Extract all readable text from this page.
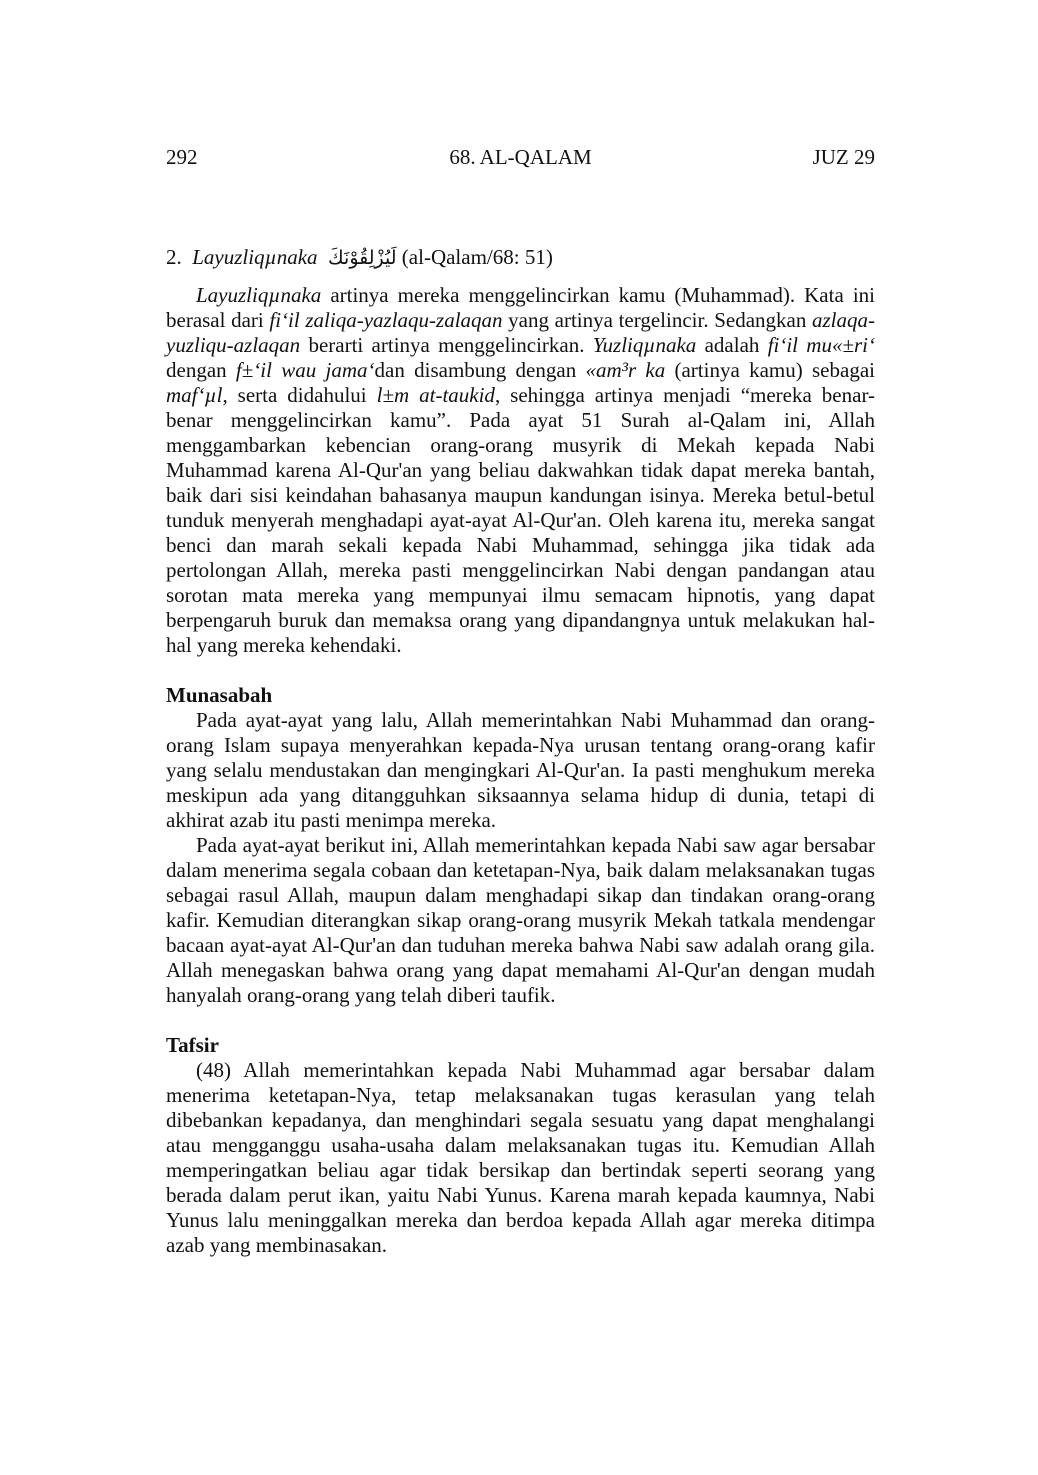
292	68. AL-QALAM	JUZ 29
2. Layuzliqµnaka لَيُزْلِقُوْنَكَ (al-Qalam/68: 51)

Layuzliqµnaka artinya mereka menggelincirkan kamu (Muhammad). Kata ini berasal dari fi‘il zaliqa-yazlaqu-zalaqan yang artinya tergelincir. Sedangkan azlaqa-yuzliqu-azlaqan berarti artinya menggelincirkan. Yuzliqµnaka adalah fi‘il mu«±ri‘ dengan f±‘il wau jama‘dan disambung dengan «am³r ka (artinya kamu) sebagai maf‘µl, serta didahului l±m at-taukid, sehingga artinya menjadi “mereka benar-benar menggelincirkan kamu”. Pada ayat 51 Surah al-Qalam ini, Allah menggambarkan kebencian orang-orang musyrik di Mekah kepada Nabi Muhammad karena Al-Qur'an yang beliau dakwahkan tidak dapat mereka bantah, baik dari sisi keindahan bahasanya maupun kandungan isinya. Mereka betul-betul tunduk menyerah menghadapi ayat-ayat Al-Qur'an. Oleh karena itu, mereka sangat benci dan marah sekali kepada Nabi Muhammad, sehingga jika tidak ada pertolongan Allah, mereka pasti menggelincirkan Nabi dengan pandangan atau sorotan mata mereka yang mempunyai ilmu semacam hipnotis, yang dapat berpengaruh buruk dan memaksa orang yang dipandangnya untuk melakukan hal-hal yang mereka kehendaki.

Munasabah

Pada ayat-ayat yang lalu, Allah memerintahkan Nabi Muhammad dan orang-orang Islam supaya menyerahkan kepada-Nya urusan tentang orang-orang kafir yang selalu mendustakan dan mengingkari Al-Qur'an. Ia pasti menghukum mereka meskipun ada yang ditangguhkan siksaannya selama hidup di dunia, tetapi di akhirat azab itu pasti menimpa mereka.

Pada ayat-ayat berikut ini, Allah memerintahkan kepada Nabi saw agar bersabar dalam menerima segala cobaan dan ketetapan-Nya, baik dalam melaksanakan tugas sebagai rasul Allah, maupun dalam menghadapi sikap dan tindakan orang-orang kafir. Kemudian diterangkan sikap orang-orang musyrik Mekah tatkala mendengar bacaan ayat-ayat Al-Qur'an dan tuduhan mereka bahwa Nabi saw adalah orang gila. Allah menegaskan bahwa orang yang dapat memahami Al-Qur'an dengan mudah hanyalah orang-orang yang telah diberi taufik.

Tafsir

(48) Allah memerintahkan kepada Nabi Muhammad agar bersabar dalam menerima ketetapan-Nya, tetap melaksanakan tugas kerasulan yang telah dibebankan kepadanya, dan menghindari segala sesuatu yang dapat menghalangi atau mengganggu usaha-usaha dalam melaksanakan tugas itu. Kemudian Allah memperingatkan beliau agar tidak bersikap dan bertindak seperti seorang yang berada dalam perut ikan, yaitu Nabi Yunus. Karena marah kepada kaumnya, Nabi Yunus lalu meninggalkan mereka dan berdoa kepada Allah agar mereka ditimpa azab yang membinasakan.
